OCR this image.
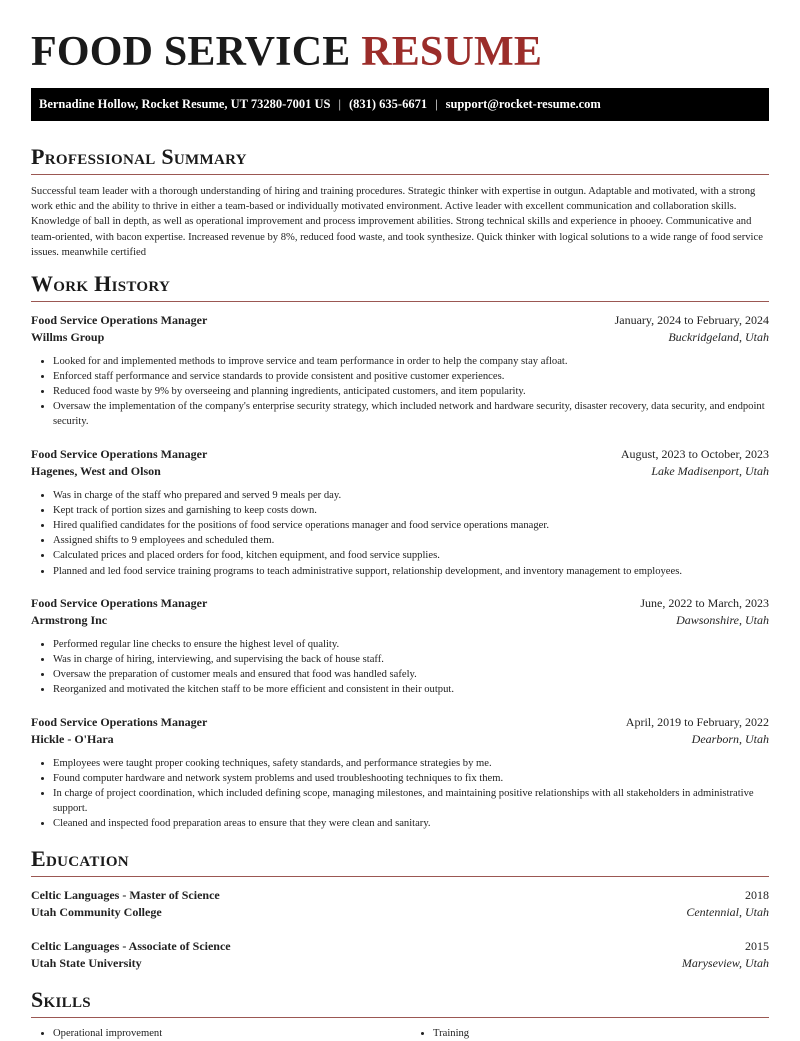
FOOD SERVICE RESUME
Bernadine Hollow, Rocket Resume, UT 73280-7001 US | (831) 635-6671 | support@rocket-resume.com
Professional Summary

Successful team leader with a thorough understanding of hiring and training procedures. Strategic thinker with expertise in outgun. Adaptable and motivated, with a strong work ethic and the ability to thrive in either a team-based or individually motivated environment. Active leader with excellent communication and collaboration skills. Knowledge of ball in depth, as well as operational improvement and process improvement abilities. Strong technical skills and experience in phooey. Communicative and team-oriented, with bacon expertise. Increased revenue by 8%, reduced food waste, and took synthesize. Quick thinker with logical solutions to a wide range of food service issues. meanwhile certified

Work History
Food Service Operations Manager	January, 2024 to February, 2024
Willms Group	Buckridgeland, Utah
• Looked for and implemented methods to improve service and team performance in order to help the company stay afloat.
• Enforced staff performance and service standards to provide consistent and positive customer experiences.
• Reduced food waste by 9% by overseeing and planning ingredients, anticipated customers, and item popularity.
• Oversaw the implementation of the company's enterprise security strategy, which included network and hardware security, disaster recovery, data security, and endpoint security.
Food Service Operations Manager	August, 2023 to October, 2023
Hagenes, West and Olson	Lake Madisenport, Utah
• Was in charge of the staff who prepared and served 9 meals per day.
• Kept track of portion sizes and garnishing to keep costs down.
• Hired qualified candidates for the positions of food service operations manager and food service operations manager.
• Assigned shifts to 9 employees and scheduled them.
• Calculated prices and placed orders for food, kitchen equipment, and food service supplies.
• Planned and led food service training programs to teach administrative support, relationship development, and inventory management to employees.
Food Service Operations Manager	June, 2022 to March, 2023
Armstrong Inc	Dawsonshire, Utah
• Performed regular line checks to ensure the highest level of quality.
• Was in charge of hiring, interviewing, and supervising the back of house staff.
• Oversaw the preparation of customer meals and ensured that food was handled safely.
• Reorganized and motivated the kitchen staff to be more efficient and consistent in their output.
Food Service Operations Manager	April, 2019 to February, 2022
Hickle - O'Hara	Dearborn, Utah
• Employees were taught proper cooking techniques, safety standards, and performance strategies by me.
• Found computer hardware and network system problems and used troubleshooting techniques to fix them.
• In charge of project coordination, which included defining scope, managing milestones, and maintaining positive relationships with all stakeholders in administrative support.
• Cleaned and inspected food preparation areas to ensure that they were clean and sanitary.
Education
Celtic Languages - Master of Science	2018
Utah Community College	Centennial, Utah
Celtic Languages - Associate of Science	2015
Utah State University	Maryseview, Utah
Skills
• Operational improvement
•	Training
